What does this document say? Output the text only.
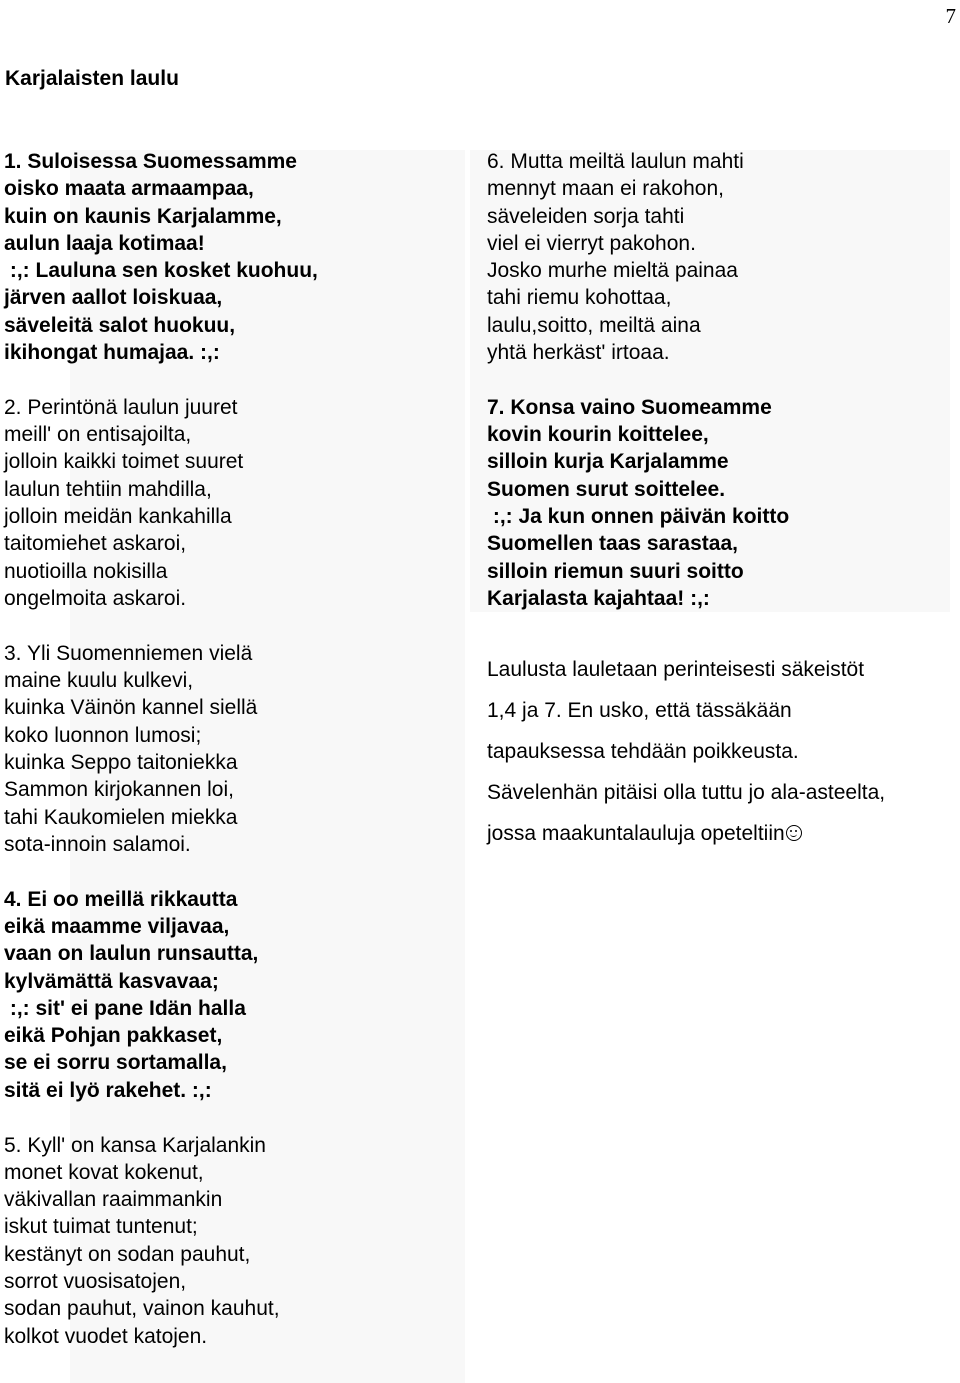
7
Karjalaisten laulu

1. Suloisessa Suomessamme
oisko maata armaampaa,
kuin on kaunis Karjalamme,
aulun laaja kotimaa!
:,: Lauluna sen kosket kuohuu,
järven aallot loiskuaa,
säveleitä salot huokuu,
ikihongat humajaa. :,:

2. Perintönä laulun juuret
meill' on entisajoilta,
jolloin kaikki toimet suuret
laulun tehtiin mahdilla,
jolloin meidän kankahilla
taitomiehet askaroi,
nuotioilla nokisilla
ongelmoita askaroi.

3. Yli Suomenniemen vielä
maine kuulu kulkevi,
kuinka Väinön kannel siellä
koko luonnon lumosi;
kuinka Seppo taitoniekka
Sammon kirjokannen loi,
tahi Kaukomielen miekka
sota-innoin salamoi.

4. Ei oo meillä rikkautta
eikä maamme viljavaa,
vaan on laulun runsautta,
kylvämättä kasvavaa;
:,: sit' ei pane Idän halla
eikä Pohjan pakkaset,
se ei sorru sortamalla,
sitä ei lyö rakehet. :,:

5. Kyll' on kansa Karjalankin
monet kovat kokenut,
väkivallan raaimmankin
iskut tuimat tuntenut;
kestänyt on sodan pauhut,
sorrot vuosisatojen,
sodan pauhut, vainon kauhut,
kolkot vuodet katojen.

6. Mutta meiltä laulun mahti
mennyt maan ei rakohon,
säveleiden sorja tahti
viel ei vierryt pakohon.
Josko murhe mieltä painaa
tahi riemu kohottaa,
laulu,soitto, meiltä aina
yhtä herkäst' irtoaa.

7. Konsa vaino Suomeamme
kovin kourin koittelee,
silloin kurja Karjalamme
Suomen surut soittelee.
:,: Ja kun onnen päivän koitto
Suomellen taas sarastaa,
silloin riemun suuri soitto
Karjalasta kajahtaa! :,:

Laulusta lauletaan perinteisesti säkeistöt
1,4 ja 7. En usko, että tässäkään
tapauksessa tehdään poikkeusta.
Sävelenhän pitäisi olla tuttu jo ala-asteelta,
jossa maakuntalauluja opeteltiin
